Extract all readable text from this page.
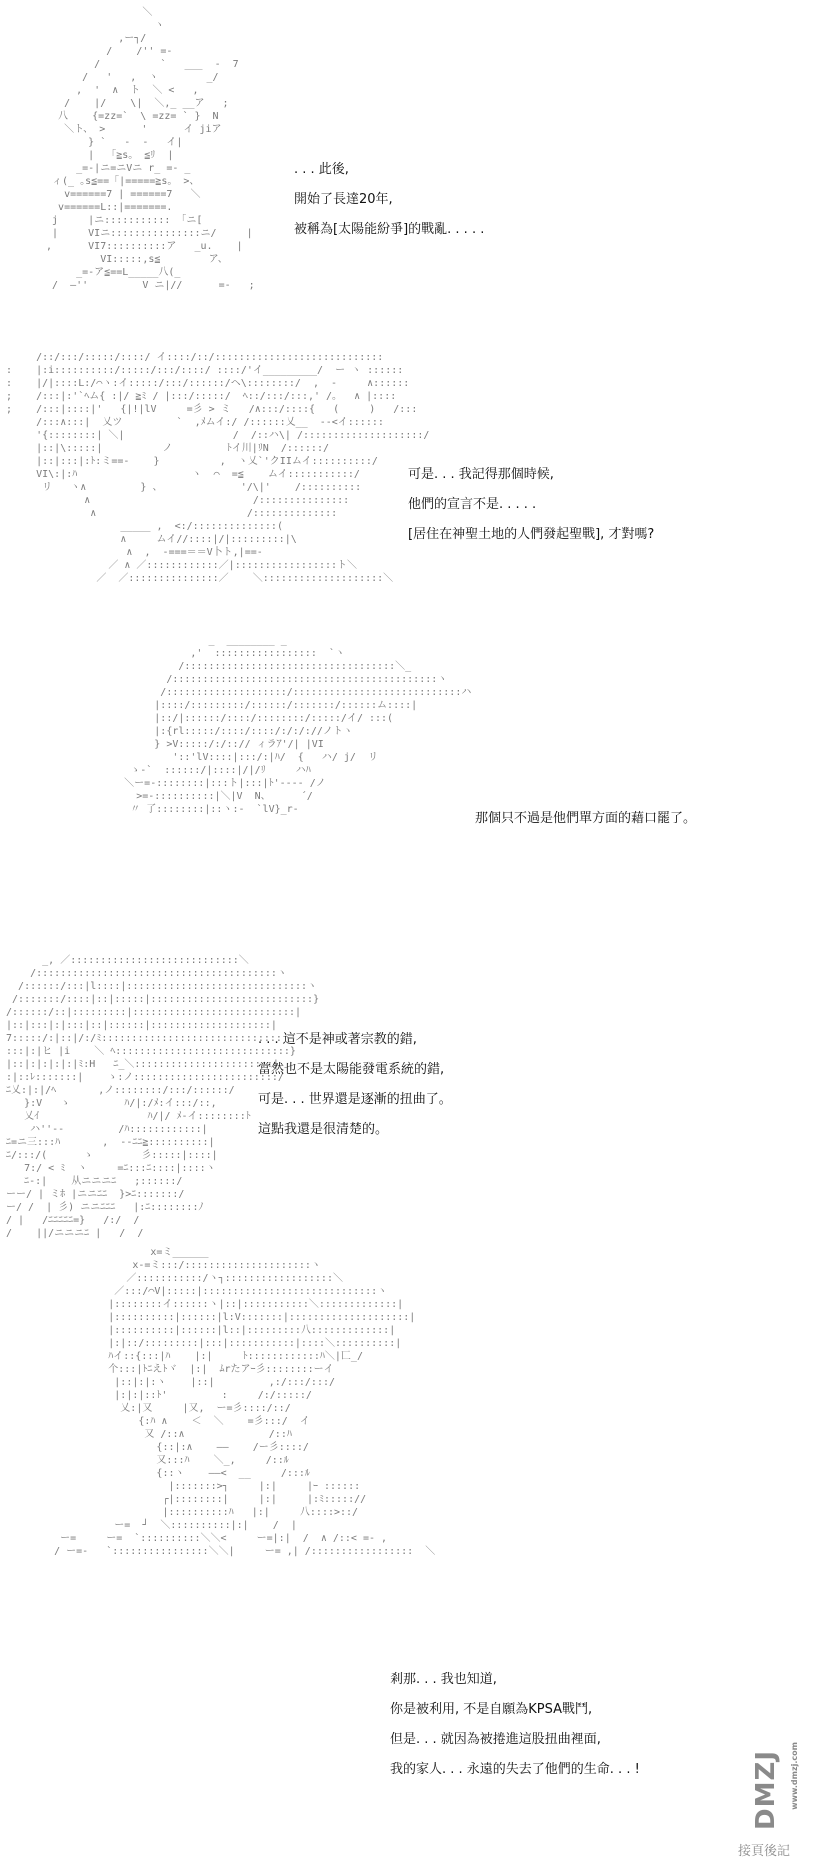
＼
ヽ
,ー┐/
/    /'' =-
/          `   ___  -  7
/   '   ,  ヽ        _/
,  '  ∧  ト  ＼ <   ,
/    |/    \|  ＼,_ __ア   ;
八    {=zz=`  \ =zz= ` }  N
＼ト、 >      '      イ jiア
} `   -  -   イ|
|  「≧s。 ≦ﾘ  |
_=-|ニ=ニVニ r_ =- _
ィ(_ ｡s≦==「|=====≧s。 >、
v======7 | ======7   ＼
v======L::|=======.
j     |ニ::::::::::: 「ニ[
|     VIニ:::::::::::::::ニ/     |
,      VI7::::::::::ア   _u.    |
VI:::::,s≦        ア、
_=-ア≦==L_____八(_
/  ―''         V ニ|//      =-   ;
. . . 此後,
開始了長達20年,
被稱為[太陽能紛爭]的戰亂. . . . .
/::/:::/:::::/::::/ イ::::/::/::::::::::::::::::::::::::::
:    |:i::::::::::/:::::/:::/::::/ ::::/'イ_________/  ー ヽ ::::::
:    |/|::::L:/⌒ヽ:イ:::::/:::/::::::/ヘ\::::::::/  ,  -     ∧::::::
;    /:::|:'`ﾍム{ :|/ ≧ﾐ / |:::/:::::/  ﾍ::/:::/:::,' /。  ∧ |::::
;    /:::|::::|'   {|!|lV     =彡 > ミ   /∧:::/::::{   (     )   /:::
/:::∧:::|  乂ツ         `  ,ﾒムイ:/ /::::::乂__  --<イ::::::
'{::::::::| ＼|                  /  /::ハ\| /::::::::::::::::::::/
|::|\:::::|          ノ         ﾄイ川|ﾘN  /::::::/
|::|:::|:ﾄ:ミ==-    }          ,  ヽ乂`'クIIムイ::::::::::/
VI\:|:ﾊ                   ヽ  ⌒  =≦    ムイ:::::::::::/
リ   ヽ∧         } 、             '/\|'    /::::::::::
∧                           /:::::::::::::::
∧                         /::::::::::::::
_____ ,  <:/::::::::::::::(
∧     ムイ//::::|/|:::::::::|\
∧  ,  -===＝＝V卜ト,|==-
／ ∧ ／::::::::::::／|:::::::::::::::::ト＼
／  ／:::::::::::::::／    ＼::::::::::::::::::::＼
可是. . . 我記得那個時候,
他們的宣言不是. . . . .
[居住在神聖土地的人們發起聖戰], 才對嗎?
_  ________ _
,'  :::::::::::::::::  `ヽ
/:::::::::::::::::::::::::::::::::::＼_
/::::::::::::::::::::::::::::::::::::::::::::ヽ
/::::::::::::::::::::/::::::::::::::::::::::::::::ハ
|::::/:::::::::/::::::/:::::::/::::::ム::::|
|::/|::::::/::::/::::::::/:::::/イ/ :::(
|:{rl:::::/::::/::::/:/:/://ノトヽ
} >V:::::/:/::// ィラｱ'/| |VI
'::'lV::::|:::/:|ﾊ/  {   ハ/ j/  リ
ゝ-`  ::::::/|::::|/|/ﾘ     ハﾊ
＼ー=-::::::::|:::ト|:::|ﾄ'---- /ノ
>=-::::::::::|＼|V  N、     ´/
〃 了::::::::|::ヽ:‐  `lV}_r-

那個只不過是他們單方面的藉口罷了。

_, ／::::::::::::::::::::::::::::＼
/::::::::::::::::::::::::::::::::::::::::ヽ
/::::::/:::|l::::|::::::::::::::::::::::::::::::ヽ
/:::::::/::::|::|:::::|:::::::::::::::::::::::::::}
/::::::/::|:::::::::|:::::::::::::::::::::::::::|
|::|:::|:|:::|::|::::::|::::::::::::::::::::|
7:::::/:|::|/:/ﾐ::::::::::::::::::::::::::::::ヽ
:::|:|ヒ |i    ＼ ﾍ:::::::::::::::::::::::::::::}
|::|:|:|:|:|ﾐ:H   ﾆ_＼:::::::::::::::::::::::|
:|::ﾚ:::::::|    ゝ:ノ::::::::::::::::::::::::/
ﾆ乂:|:|/ﾍ       ,ノ::::::::/:::/::::::/
}:V   ゝ         ﾊ/|:/ﾒ:イ:::/::,
乂ｲ                  ﾊ/|/ ﾒ-イ::::::::ﾄ
ハ''--         /ﾊ::::::::::::|
ﾆ=ニ三:::ﾊ       ,  --ﾆﾆ≧::::::::::|
ﾆ/:::/(      ゝ        彡:::::|::::|
7:/ < ﾐ  ヽ     =ﾆ:::ﾆ::::|::::ヽ
ﾆ-:|    从ニニニﾆ   ;::::::/
ーー/ | ミﾎ |ニニﾆﾆ  }>ﾆ:::::::/
ー/ /  | 彡) ニニﾆﾆﾆ   |:ﾆ::::::::ﾉ
/ |   /ﾆﾆﾆﾆﾆ=}   /:/  /
/    ||/ニニニﾆ |   /  /
. . . 這不是神或著宗教的錯,
當然也不是太陽能發電系統的錯,
可是. . . 世界還是逐漸的扭曲了。
這點我還是很清楚的。
x=ミ______
x-=ミ:::/:::::::::::::::::::::ヽ
／:::::::::::/ヽ┐::::::::::::::::::＼
／:::/⌒V|:::::|:::::::::::::::::::::::::::::ヽ
|::::::::イ::::::ヽ|::|:::::::::::＼:::::::::::::|
|::::::::::|::::::|l:V:::::::|::::::::::::::::::::|
|::::::::::|::::::|l::|:::::::::八:::::::::::::|
|:|::/:::::::::|:::|:::::::::::|::::＼::::::::::|
ﾊイ::{:::|ﾊ    |:|     ﾄ::::::::::::ﾊ＼|匸_/
个:::|ﾄﾆえﾄヾ  |:|  ﾑrたアｰ彡::::::::ーイ
|::|:|:ヽ    |::|         ,:/:::/:::/
|:|:|::ﾄ'         :     /:/:::::/
乂:|又     |又,  ー=彡::::/::/
{:ﾊ ∧    ＜  ＼    =彡:::/  イ
又 /::∧              /::ﾊ
{::|:∧    ――    /ー彡::::/
又:::ﾊ    ＼_,     /::ﾙ
{::ヽ    ――<  __     /:::ﾙ
|:::::::>┐     |:|     |ｰ ::::::
┌|::::::::|     |:|     |:ﾐ::::://
|::::::::::ﾊ   |:|     八::::>::/
ー=  ┘  ＼::::::::::|:|    /  |
ー=     ー=  `::::::::::＼＼<     ー=|:|  /  ∧ /::< =- ,
/ ー=-   `::::::::::::::::＼＼|     ー= ,| /:::::::::::::::::  ＼
剎那. . . 我也知道,
你是被利用, 不是自願為KPSA戰鬥,
但是. . . 就因為被捲進這股扭曲裡面,
我的家人. . . 永遠的失去了他們的生命. . . !	DMZJ www.dmzj.com
接頁後記
